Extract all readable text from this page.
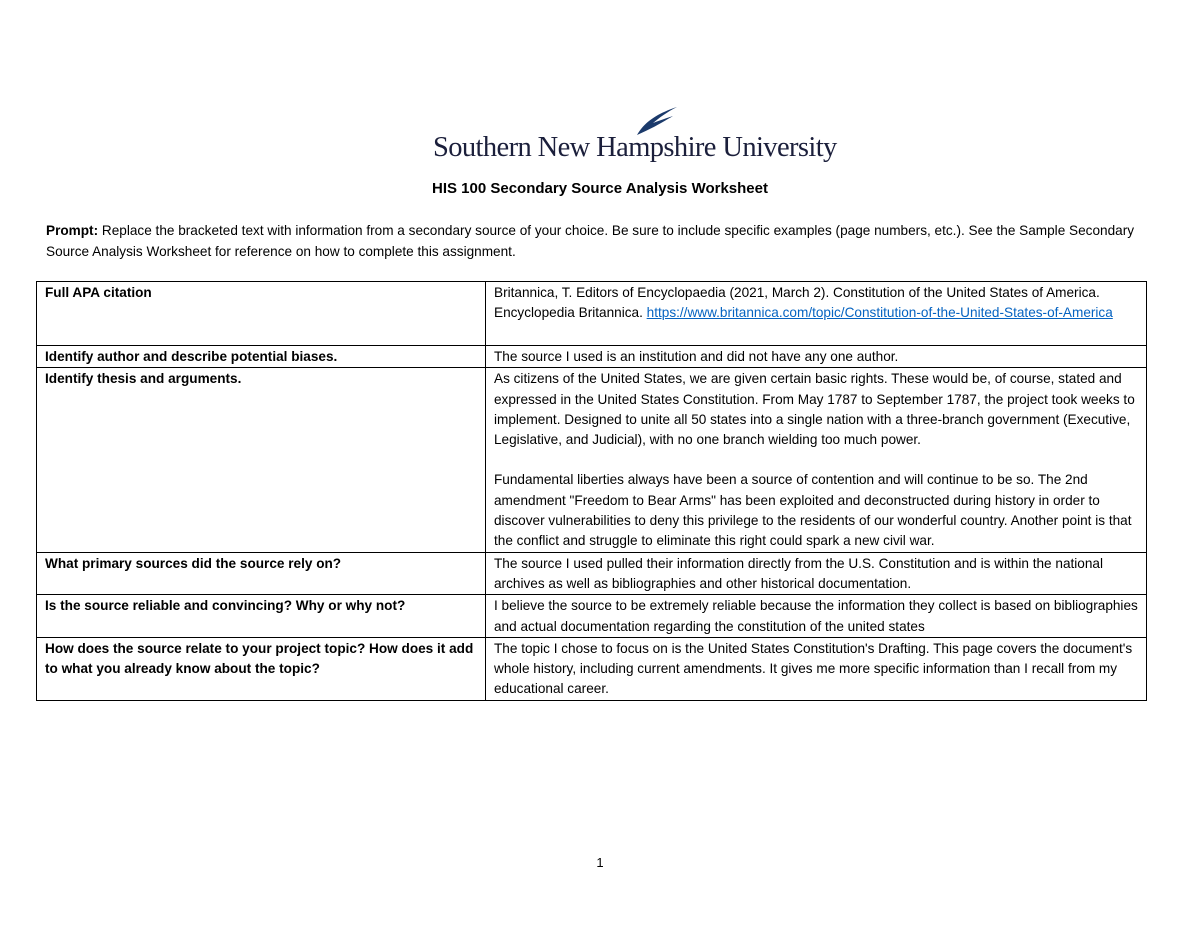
Southern New Hampshire University
HIS 100 Secondary Source Analysis Worksheet
Prompt: Replace the bracketed text with information from a secondary source of your choice. Be sure to include specific examples (page numbers, etc.). See the Sample Secondary Source Analysis Worksheet for reference on how to complete this assignment.
Full APA citation	Britannica, T. Editors of Encyclopaedia (2021, March 2). Constitution of the United States of America. Encyclopedia Britannica. https://www.britannica.com/topic/Constitution-of-the-United-States-of-America
Identify author and describe potential biases.	The source I used is an institution and did not have any one author.
Identify thesis and arguments.	As citizens of the United States, we are given certain basic rights. These would be, of course, stated and expressed in the United States Constitution. From May 1787 to September 1787, the project took weeks to implement. Designed to unite all 50 states into a single nation with a three-branch government (Executive, Legislative, and Judicial), with no one branch wielding too much power.

Fundamental liberties always have been a source of contention and will continue to be so. The 2nd amendment "Freedom to Bear Arms" has been exploited and deconstructed during history in order to discover vulnerabilities to deny this privilege to the residents of our wonderful country. Another point is that the conflict and struggle to eliminate this right could spark a new civil war.

What primary sources did the source rely on?	The source I used pulled their information directly from the U.S. Constitution and is within the national archives as well as bibliographies and other historical documentation.
Is the source reliable and convincing? Why or why not?	I believe the source to be extremely reliable because the information they collect is based on bibliographies and actual documentation regarding the constitution of the united states
How does the source relate to your project topic? How does it add to what you already know about the topic?	The topic I chose to focus on is the United States Constitution's Drafting. This page covers the document's whole history, including current amendments. It gives me more specific information than I recall from my educational career.
1
